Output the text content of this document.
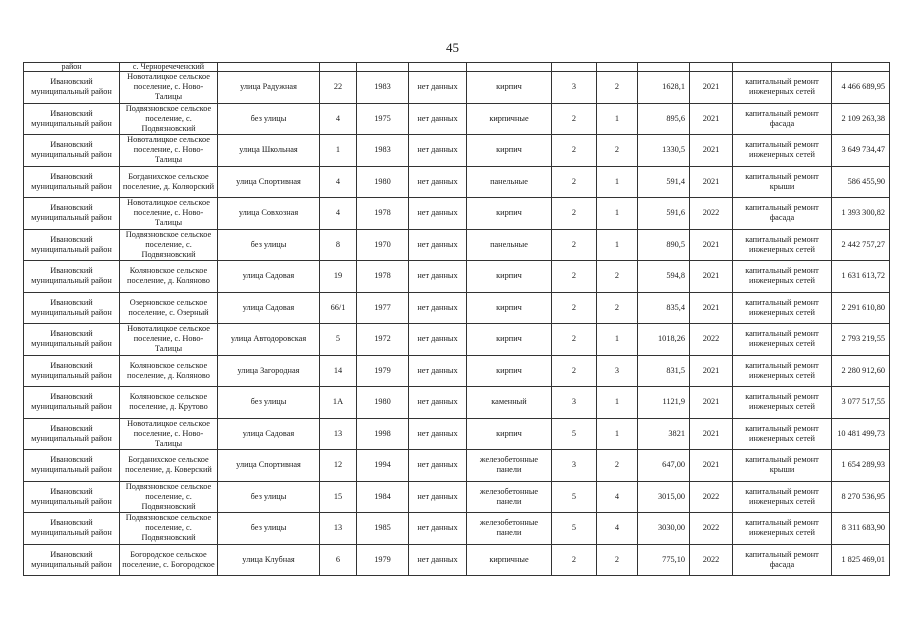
45
район	с. Черноречеченский											
Ивановский муниципальный район	Новоталицкое сельское поселение, с. Ново-Талицы	улица Радужная	22	1983	нет данных	кирпич	3	2	1628,1	2021	капитальный ремонт инженерных сетей	4 466 689,95
Ивановский муниципальный район	Подвязновское сельское поселение, с. Подвязновский	без улицы	4	1975	нет данных	кирпичные	2	1	895,6	2021	капитальный ремонт фасада	2 109 263,38
Ивановский муниципальный район	Новоталицкое сельское поселение, с. Ново-Талицы	улица Школьная	1	1983	нет данных	кирпич	2	2	1330,5	2021	капитальный ремонт инженерных сетей	3 649 734,47
Ивановский муниципальный район	Богданихское сельское поселение, д. Коляорский	улица Спортивная	4	1980	нет данных	панельные	2	1	591,4	2021	капитальный ремонт крыши	586 455,90
Ивановский муниципальный район	Новоталицкое сельское поселение, с. Ново-Талицы	улица Совхозная	4	1978	нет данных	кирпич	2	1	591,6	2022	капитальный ремонт фасада	1 393 300,82
Ивановский муниципальный район	Подвязновское сельское поселение, с. Подвязновский	без улицы	8	1970	нет данных	панельные	2	1	890,5	2021	капитальный ремонт инженерных сетей	2 442 757,27
Ивановский муниципальный район	Коляновское сельское поселение, д. Коляново	улица Садовая	19	1978	нет данных	кирпич	2	2	594,8	2021	капитальный ремонт инженерных сетей	1 631 613,72
Ивановский муниципальный район	Озерновское сельское поселение, с. Озерный	улица Садовая	66/1	1977	нет данных	кирпич	2	2	835,4	2021	капитальный ремонт инженерных сетей	2 291 610,80
Ивановский муниципальный район	Новоталицкое сельское поселение, с. Ново-Талицы	улица Автодоровская	5	1972	нет данных	кирпич	2	1	1018,26	2022	капитальный ремонт инженерных сетей	2 793 219,55
Ивановский муниципальный район	Коляновское сельское поселение, д. Коляново	улица Загородная	14	1979	нет данных	кирпич	2	3	831,5	2021	капитальный ремонт инженерных сетей	2 280 912,60
Ивановский муниципальный район	Коляновское сельское поселение, д. Крутово	без улицы	1А	1980	нет данных	каменный	3	1	1121,9	2021	капитальный ремонт инженерных сетей	3 077 517,55
Ивановский муниципальный район	Новоталицкое сельское поселение, с. Ново-Талицы	улица Садовая	13	1998	нет данных	кирпич	5	1	3821	2021	капитальный ремонт инженерных сетей	10 481 499,73
Ивановский муниципальный район	Богданихское сельское поселение, д. Коверский	улица Спортивная	12	1994	нет данных	железобетонные панели	3	2	647,00	2021	капитальный ремонт крыши	1 654 289,93
Ивановский муниципальный район	Подвязновское сельское поселение, с. Подвязновский	без улицы	15	1984	нет данных	железобетонные панели	5	4	3015,00	2022	капитальный ремонт инженерных сетей	8 270 536,95
Ивановский муниципальный район	Подвязновское сельское поселение, с. Подвязновский	без улицы	13	1985	нет данных	железобетонные панели	5	4	3030,00	2022	капитальный ремонт инженерных сетей	8 311 683,90
Ивановский муниципальный район	Богородское сельское поселение, с. Богородское	улица Клубная	6	1979	нет данных	кирпичные	2	2	775,10	2022	капитальный ремонт фасада	1 825 469,01
